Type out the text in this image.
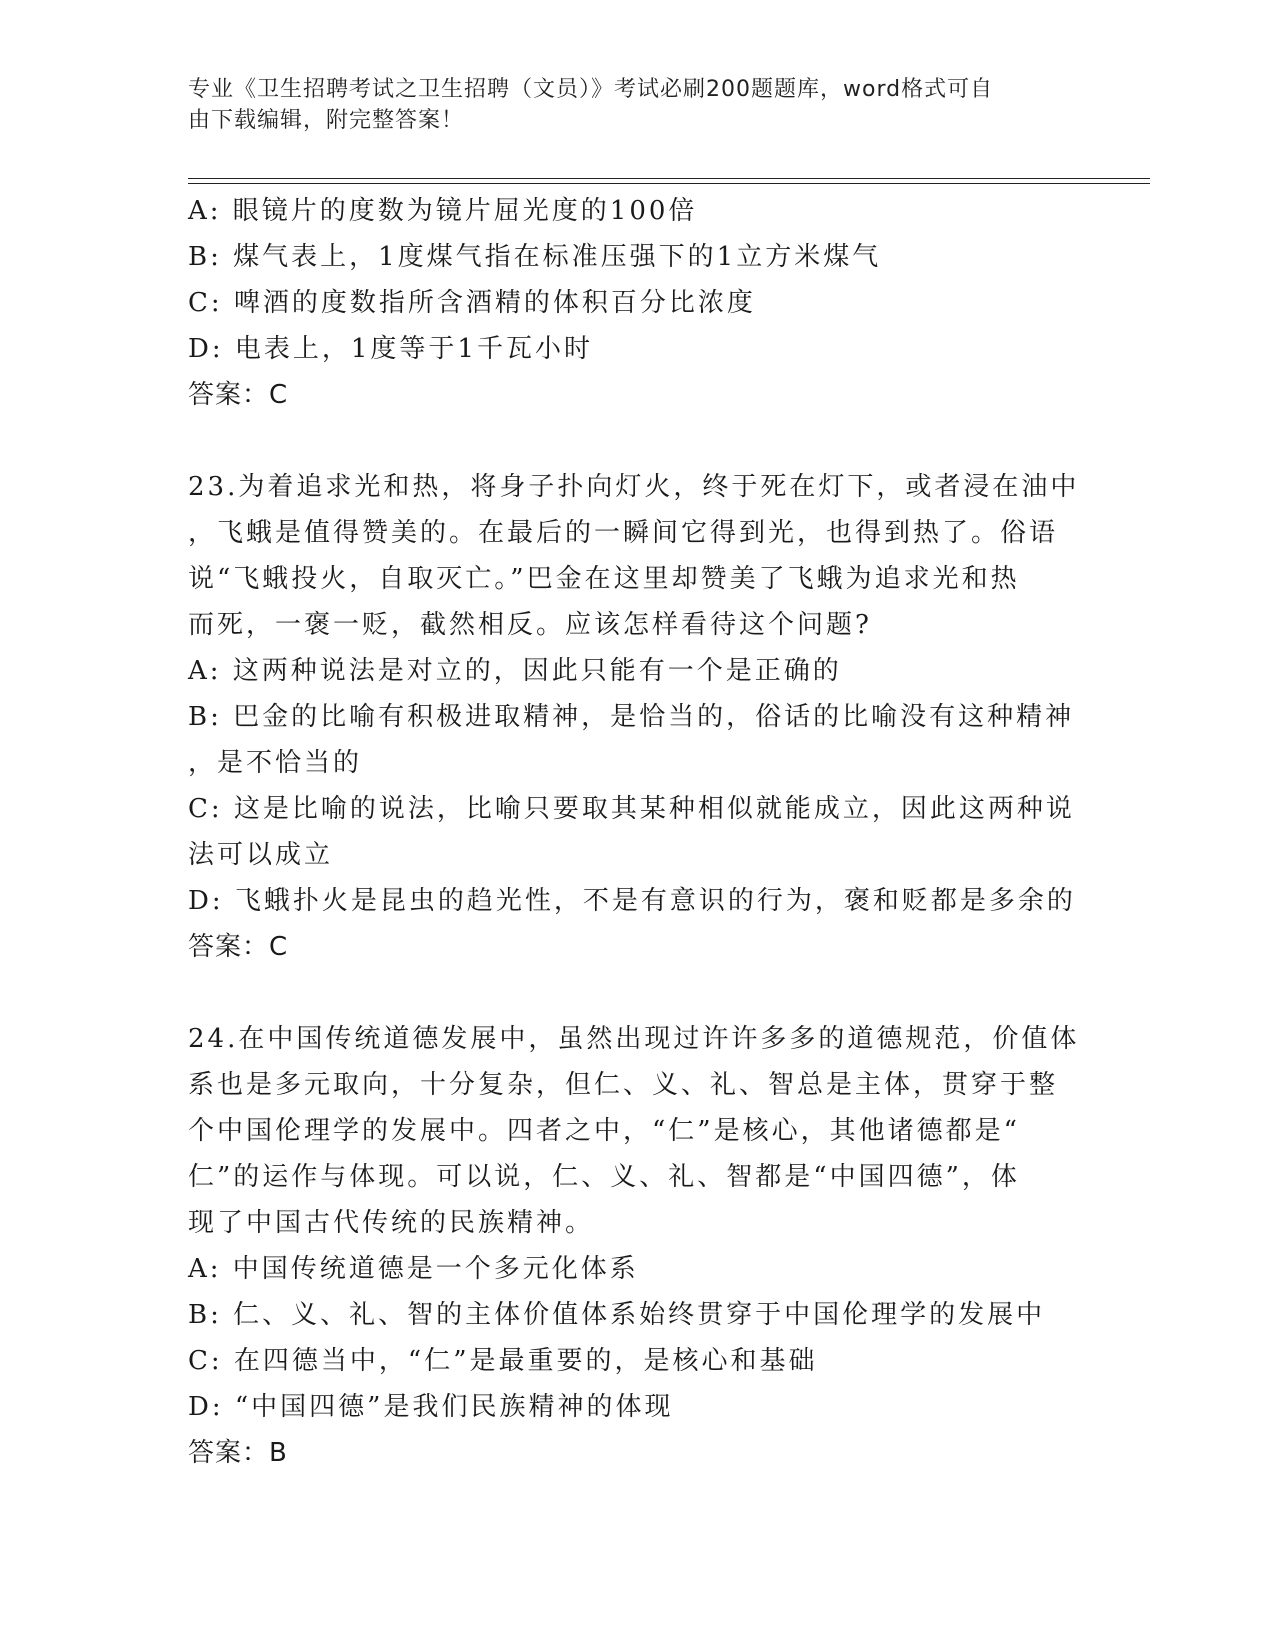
专业《卫生招聘考试之卫生招聘（文员）》考试必刷200题题库，word格式可自
由下载编辑，附完整答案！
A: 眼镜片的度数为镜片屈光度的100倍
B: 煤气表上，1度煤气指在标准压强下的1立方米煤气
C: 啤酒的度数指所含酒精的体积百分比浓度
D: 电表上，1度等于1千瓦小时
答案：C
23.为着追求光和热，将身子扑向灯火，终于死在灯下，或者浸在油中
，飞蛾是值得赞美的。在最后的一瞬间它得到光，也得到热了。俗语
说“飞蛾投火，自取灭亡。”巴金在这里却赞美了飞蛾为追求光和热
而死，一褒一贬，截然相反。应该怎样看待这个问题?
A: 这两种说法是对立的，因此只能有一个是正确的
B: 巴金的比喻有积极进取精神，是恰当的，俗话的比喻没有这种精神
，是不恰当的
C: 这是比喻的说法，比喻只要取其某种相似就能成立，因此这两种说
法可以成立
D: 飞蛾扑火是昆虫的趋光性，不是有意识的行为，褒和贬都是多余的
答案：C
24.在中国传统道德发展中，虽然出现过许许多多的道德规范，价值体
系也是多元取向，十分复杂，但仁、义、礼、智总是主体，贯穿于整
个中国伦理学的发展中。四者之中，“仁”是核心，其他诸德都是“
仁”的运作与体现。可以说，仁、义、礼、智都是“中国四德”，体
现了中国古代传统的民族精神。
A: 中国传统道德是一个多元化体系
B: 仁、义、礼、智的主体价值体系始终贯穿于中国伦理学的发展中
C: 在四德当中，“仁”是最重要的，是核心和基础
D: “中国四德”是我们民族精神的体现
答案：B
